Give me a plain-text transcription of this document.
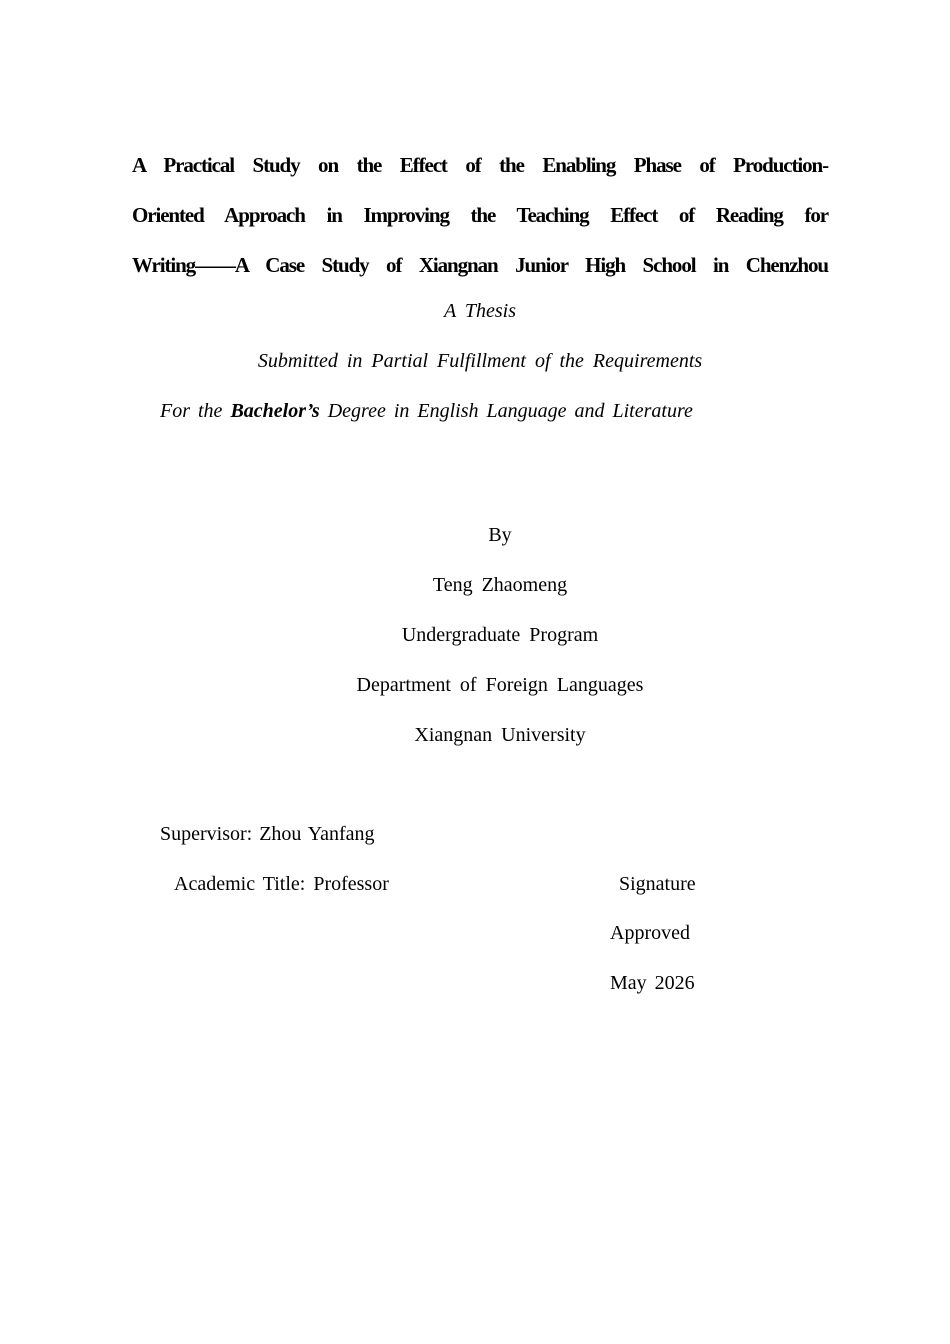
A Practical Study on the Effect of the Enabling Phase of Production-
Oriented Approach in Improving the Teaching Effect of Reading for
Writing——A Case Study of Xiangnan Junior High School in Chenzhou
A Thesis
Submitted in Partial Fulfillment of the Requirements
For the Bachelor’s Degree in English Language and Literature
By
Teng Zhaomeng
Undergraduate Program
Department of Foreign Languages
Xiangnan University
Supervisor: Zhou Yanfang
Academic Title: Professor	Signature
Approved
May 2026
